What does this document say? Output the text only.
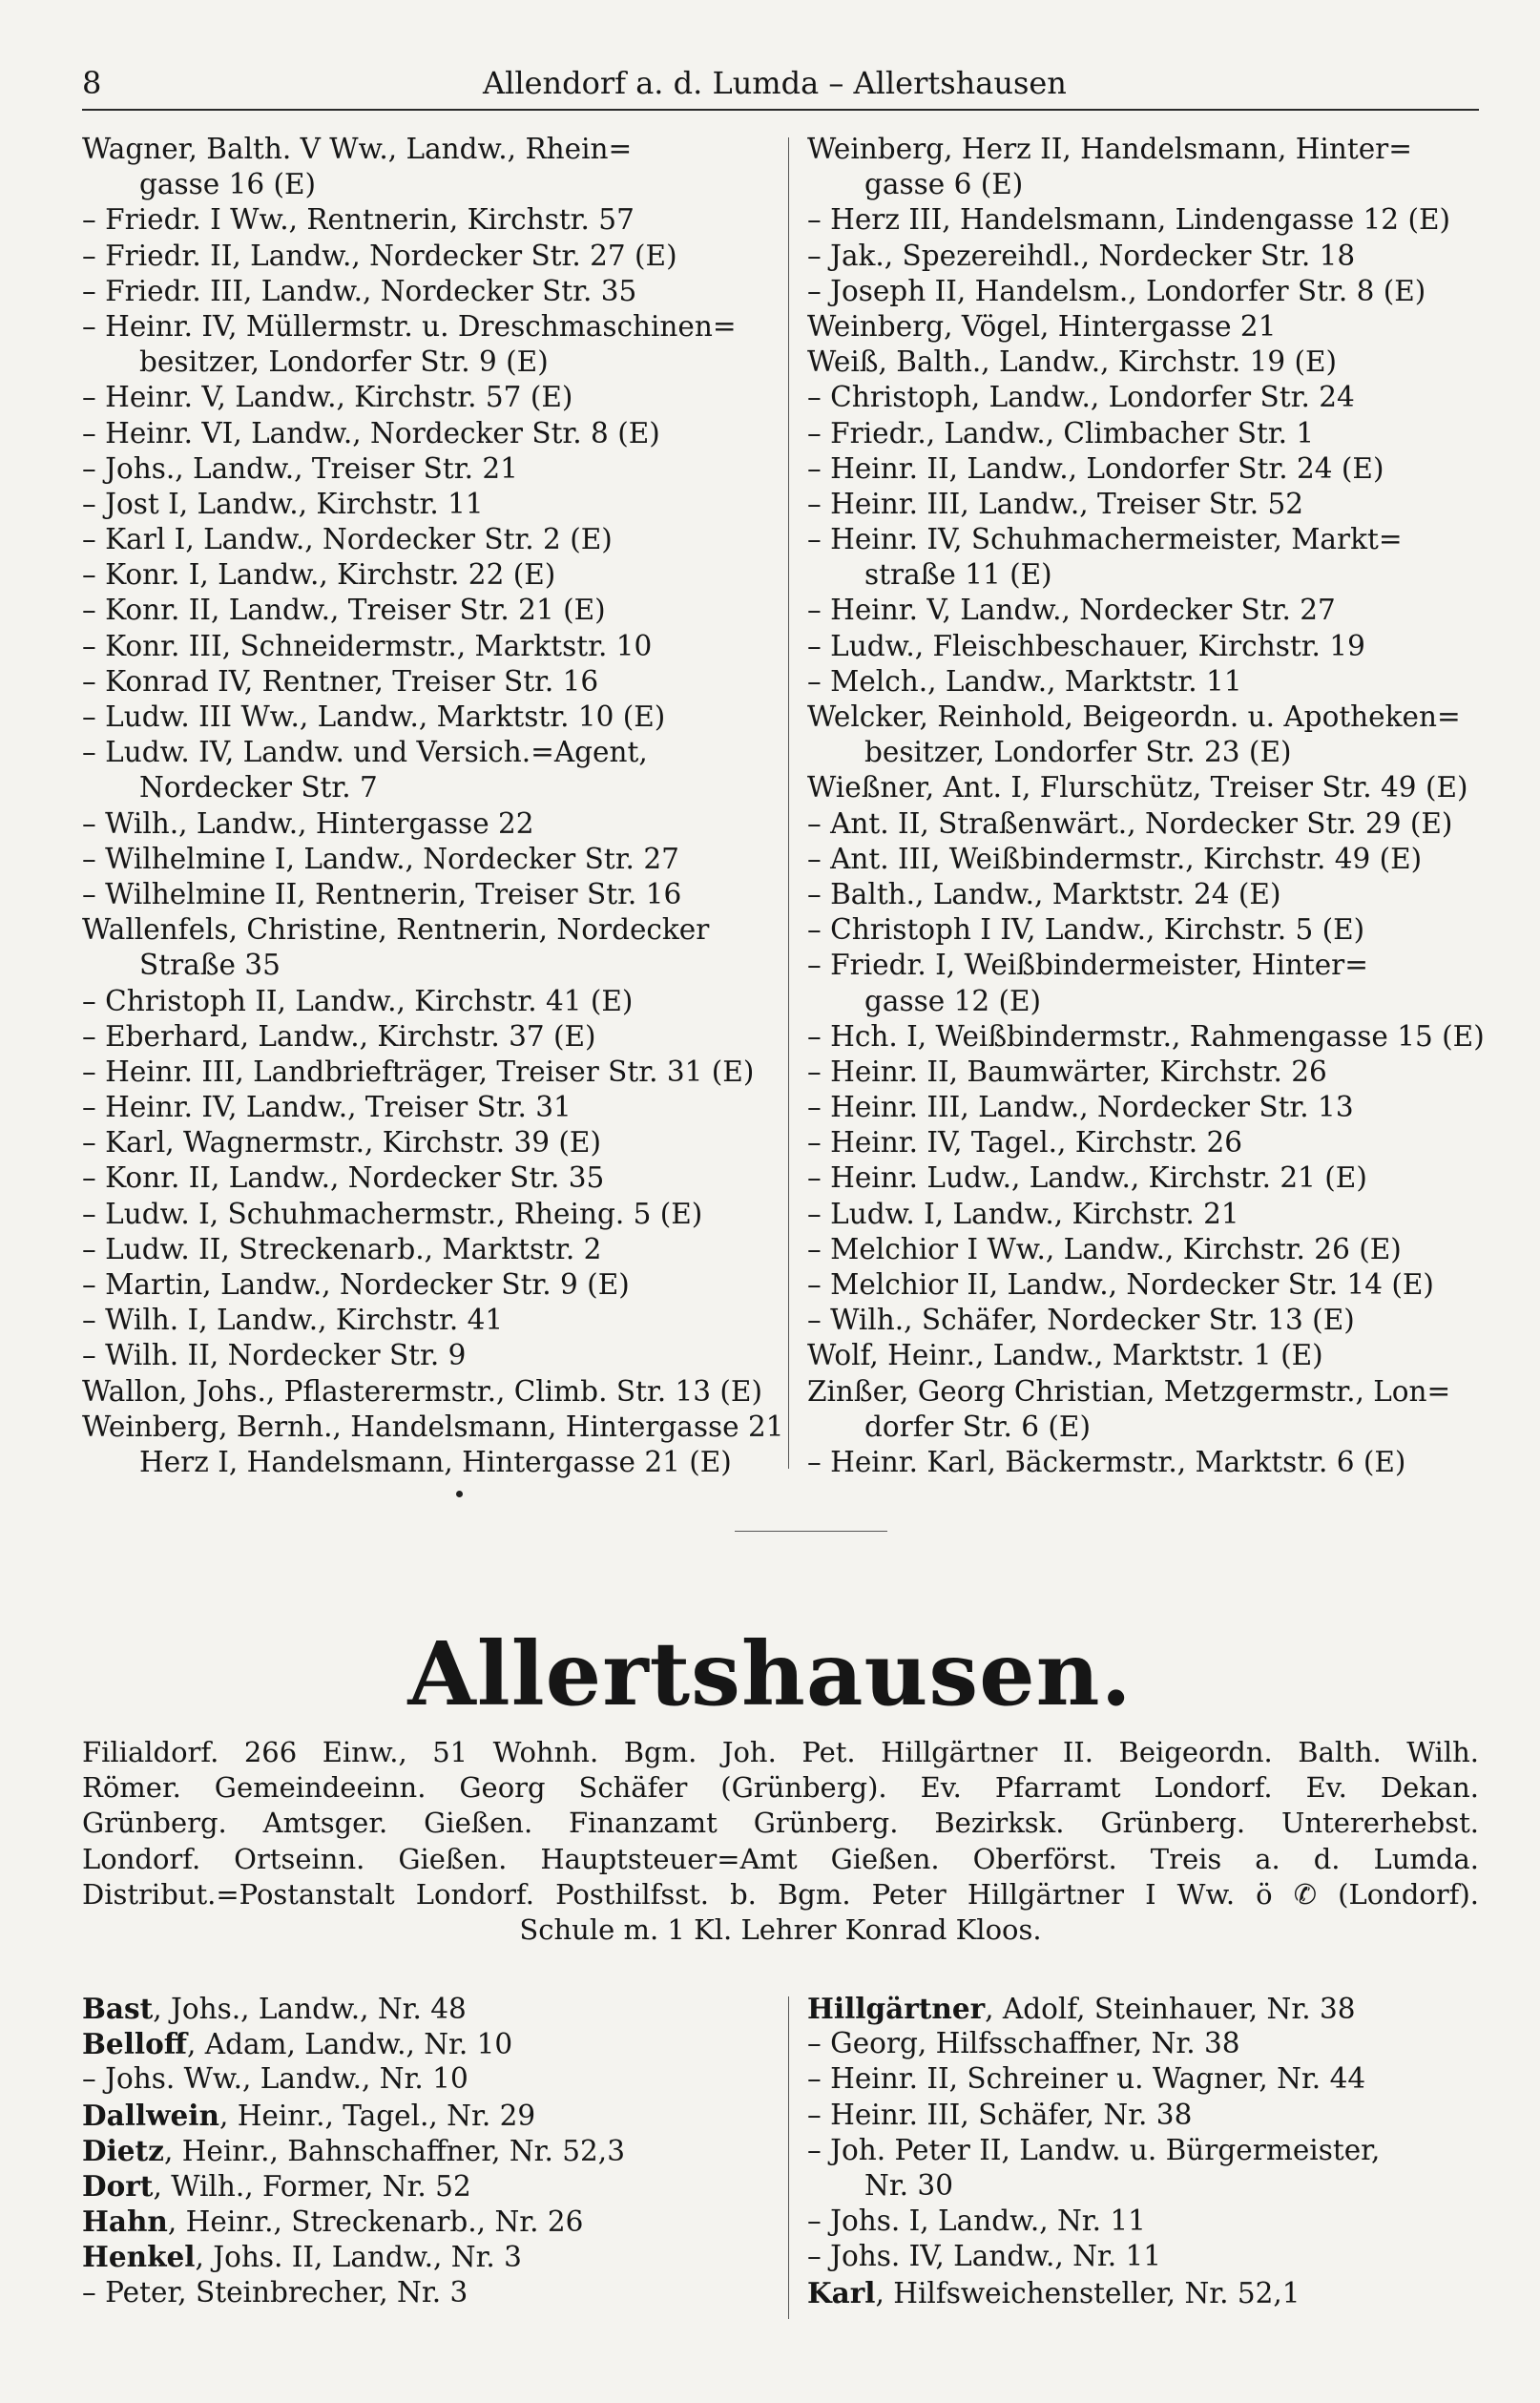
8	Allendorf a. d. Lumda – Allertshausen
Wagner, Balth. V Ww., Landw., Rhein=
gasse 16 (E)
– Friedr. I Ww., Rentnerin, Kirchstr. 57
– Friedr. II, Landw., Nordecker Str. 27 (E)
– Friedr. III, Landw., Nordecker Str. 35
– Heinr. IV, Müllermstr. u. Dreschmaschinen=
besitzer, Londorfer Str. 9 (E)
– Heinr. V, Landw., Kirchstr. 57 (E)
– Heinr. VI, Landw., Nordecker Str. 8 (E)
– Johs., Landw., Treiser Str. 21
– Jost I, Landw., Kirchstr. 11
– Karl I, Landw., Nordecker Str. 2 (E)
– Konr. I, Landw., Kirchstr. 22 (E)
– Konr. II, Landw., Treiser Str. 21 (E)
– Konr. III, Schneidermstr., Marktstr. 10
– Konrad IV, Rentner, Treiser Str. 16
– Ludw. III Ww., Landw., Marktstr. 10 (E)
– Ludw. IV, Landw. und Versich.=Agent,
Nordecker Str. 7
– Wilh., Landw., Hintergasse 22
– Wilhelmine I, Landw., Nordecker Str. 27
– Wilhelmine II, Rentnerin, Treiser Str. 16
Wallenfels, Christine, Rentnerin, Nordecker
Straße 35
– Christoph II, Landw., Kirchstr. 41 (E)
– Eberhard, Landw., Kirchstr. 37 (E)
– Heinr. III, Landbriefträger, Treiser Str. 31 (E)
– Heinr. IV, Landw., Treiser Str. 31
– Karl, Wagnermstr., Kirchstr. 39 (E)
– Konr. II, Landw., Nordecker Str. 35
– Ludw. I, Schuhmachermstr., Rheing. 5 (E)
– Ludw. II, Streckenarb., Marktstr. 2
– Martin, Landw., Nordecker Str. 9 (E)
– Wilh. I, Landw., Kirchstr. 41
– Wilh. II, Nordecker Str. 9
Wallon, Johs., Pflasterermstr., Climb. Str. 13 (E)
Weinberg, Bernh., Handelsmann, Hintergasse 21
Herz I, Handelsmann, Hintergasse 21 (E)
Weinberg, Herz II, Handelsmann, Hinter=
gasse 6 (E)
– Herz III, Handelsmann, Lindengasse 12 (E)
– Jak., Spezereihdl., Nordecker Str. 18
– Joseph II, Handelsm., Londorfer Str. 8 (E)
Weinberg, Vögel, Hintergasse 21
Weiß, Balth., Landw., Kirchstr. 19 (E)
– Christoph, Landw., Londorfer Str. 24
– Friedr., Landw., Climbacher Str. 1
– Heinr. II, Landw., Londorfer Str. 24 (E)
– Heinr. III, Landw., Treiser Str. 52
– Heinr. IV, Schuhmachermeister, Markt=
straße 11 (E)
– Heinr. V, Landw., Nordecker Str. 27
– Ludw., Fleischbeschauer, Kirchstr. 19
– Melch., Landw., Marktstr. 11
Welcker, Reinhold, Beigeordn. u. Apotheken=
besitzer, Londorfer Str. 23 (E)
Wießner, Ant. I, Flurschütz, Treiser Str. 49 (E)
– Ant. II, Straßenwärt., Nordecker Str. 29 (E)
– Ant. III, Weißbindermstr., Kirchstr. 49 (E)
– Balth., Landw., Marktstr. 24 (E)
– Christoph I IV, Landw., Kirchstr. 5 (E)
– Friedr. I, Weißbindermeister, Hinter=
gasse 12 (E)
– Hch. I, Weißbindermstr., Rahmengasse 15 (E)
– Heinr. II, Baumwärter, Kirchstr. 26
– Heinr. III, Landw., Nordecker Str. 13
– Heinr. IV, Tagel., Kirchstr. 26
– Heinr. Ludw., Landw., Kirchstr. 21 (E)
– Ludw. I, Landw., Kirchstr. 21
– Melchior I Ww., Landw., Kirchstr. 26 (E)
– Melchior II, Landw., Nordecker Str. 14 (E)
– Wilh., Schäfer, Nordecker Str. 13 (E)
Wolf, Heinr., Landw., Marktstr. 1 (E)
Zinßer, Georg Christian, Metzgermstr., Lon=
dorfer Str. 6 (E)
– Heinr. Karl, Bäckermstr., Marktstr. 6 (E)
Allertshausen.
Filialdorf. 266 Einw., 51 Wohnh. Bgm. Joh. Pet. Hillgärtner II. Beigeordn. Balth. Wilh.
Römer. Gemeindeeinn. Georg Schäfer (Grünberg). Ev. Pfarramt Londorf. Ev. Dekan.
Grünberg. Amtsger. Gießen. Finanzamt Grünberg. Bezirksk. Grünberg. Untererhebst.
Londorf. Ortseinn. Gießen. Hauptsteuer=Amt Gießen. Oberförst. Treis a. d. Lumda.
Distribut.=Postanstalt Londorf. Posthilfsst. b. Bgm. Peter Hillgärtner I Ww. ö ✆ (Londorf).
Schule m. 1 Kl. Lehrer Konrad Kloos.
Bast, Johs., Landw., Nr. 48
Belloff, Adam, Landw., Nr. 10
– Johs. Ww., Landw., Nr. 10
Dallwein, Heinr., Tagel., Nr. 29
Dietz, Heinr., Bahnschaffner, Nr. 52,3
Dort, Wilh., Former, Nr. 52
Hahn, Heinr., Streckenarb., Nr. 26
Henkel, Johs. II, Landw., Nr. 3
– Peter, Steinbrecher, Nr. 3
Hillgärtner, Adolf, Steinhauer, Nr. 38
– Georg, Hilfsschaffner, Nr. 38
– Heinr. II, Schreiner u. Wagner, Nr. 44
– Heinr. III, Schäfer, Nr. 38
– Joh. Peter II, Landw. u. Bürgermeister,
Nr. 30
– Johs. I, Landw., Nr. 11
– Johs. IV, Landw., Nr. 11
Karl, Hilfsweichensteller, Nr. 52,1
